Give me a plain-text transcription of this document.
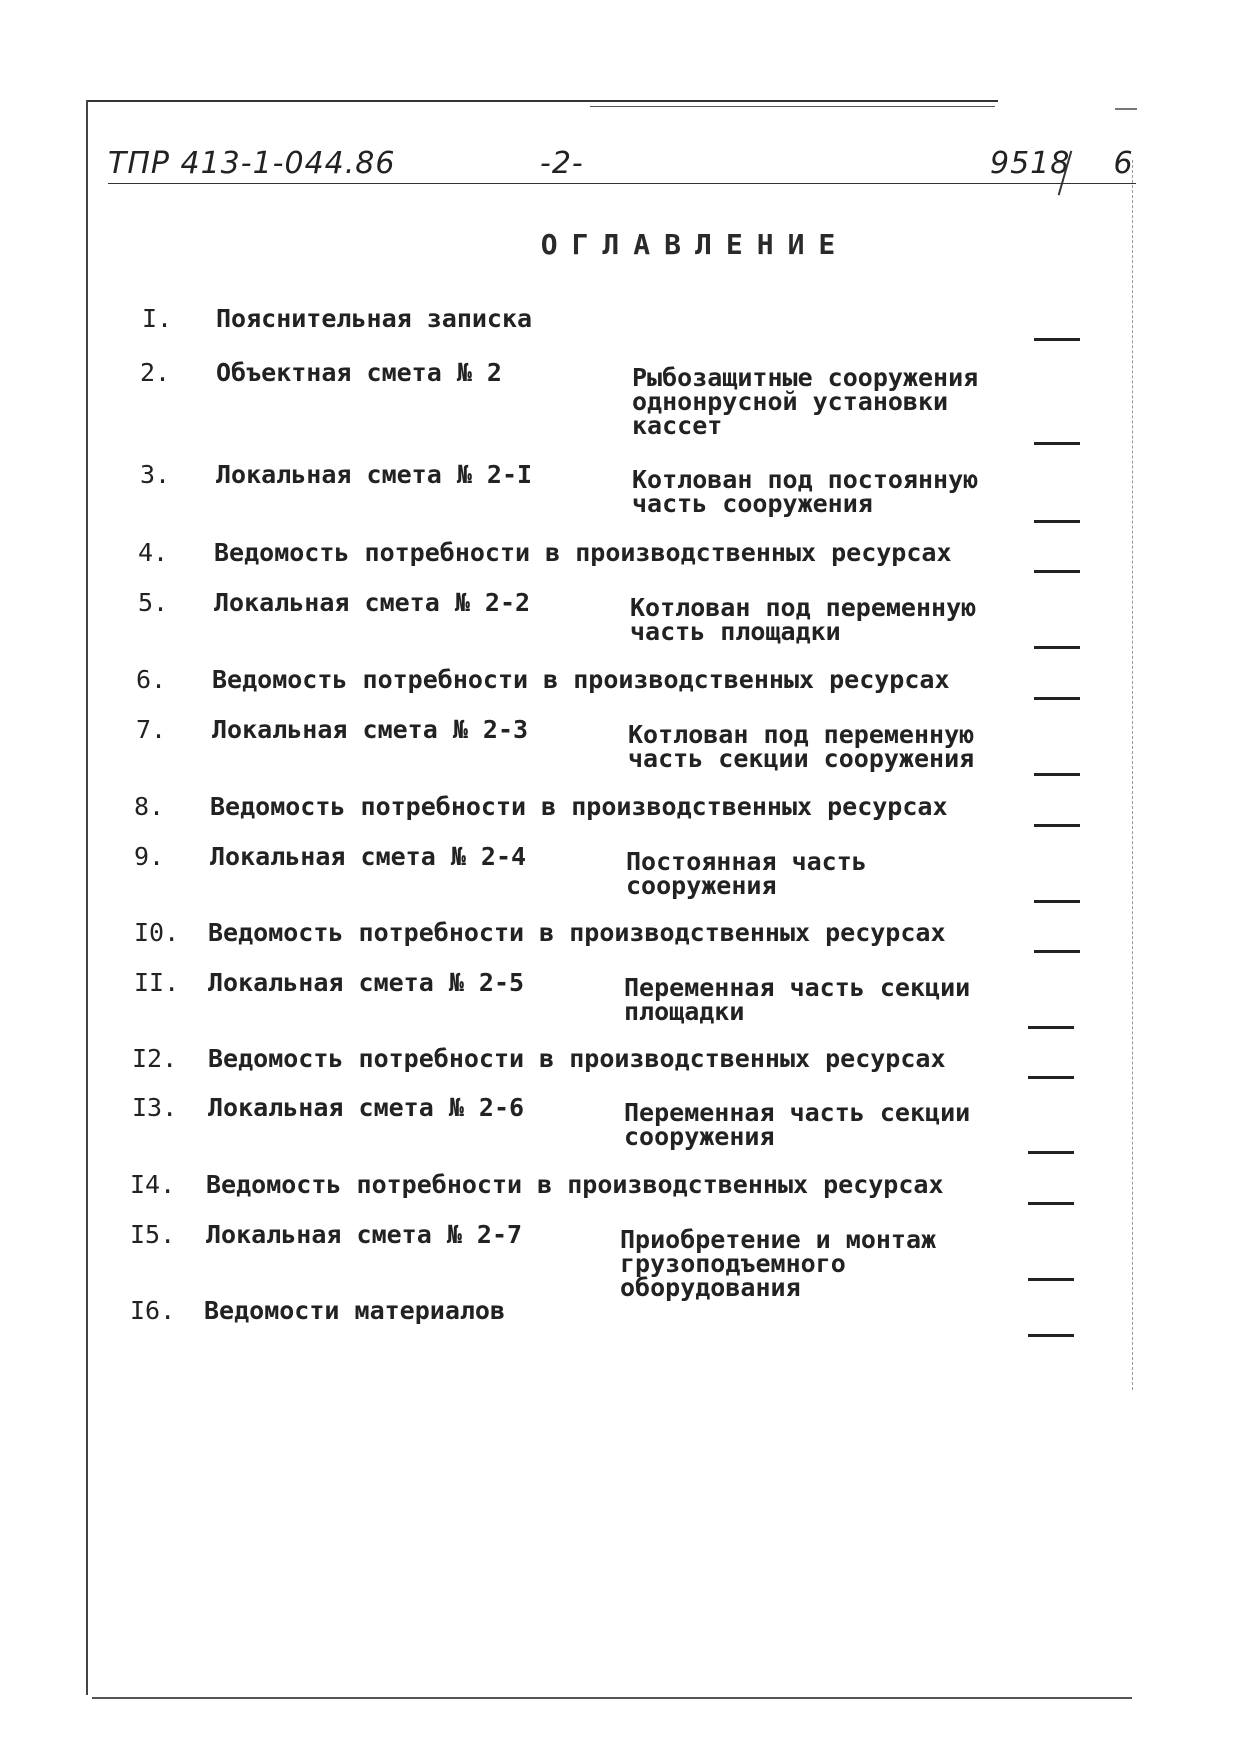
ТПР 413-1-044.86	-2-	9518 6
ОГЛАВЛЕНИЕ
I.	Пояснительная записка
2.	Объектная смета № 2	Рыбозащитные сооружения однонрусной установки кассет
3.	Локальная смета № 2-I	Котлован под постоянную часть сооружения
4.	Ведомость потребности в производственных ресурсах
5.	Локальная смета № 2-2	Котлован под переменную часть площадки
6.	Ведомость потребности в производственных ресурсах
7.	Локальная смета № 2-3	Котлован под переменную часть секции сооружения
8.	Ведомость потребности в производственных ресурсах
9.	Локальная смета № 2-4	Постоянная часть сооружения
I0.	Ведомость потребности в производственных ресурсах
II.	Локальная смета № 2-5	Переменная часть секции площадки
I2.	Ведомость потребности в производственных ресурсах
I3.	Локальная смета № 2-6	Переменная часть секции сооружения
I4.	Ведомость потребности в производственных ресурсах
I5.	Локальная смета № 2-7	Приобретение и монтаж грузоподъемного оборудования
I6.	Ведомости материалов
